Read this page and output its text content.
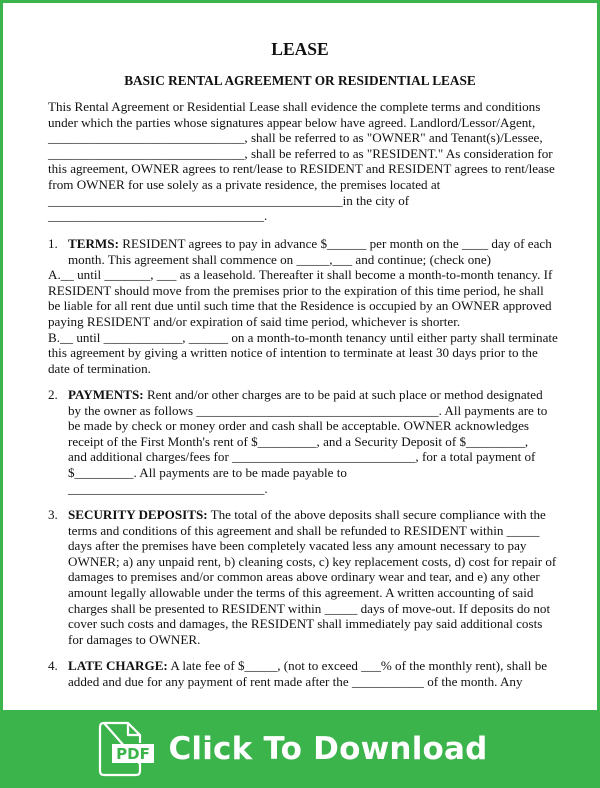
LEASE
BASIC RENTAL AGREEMENT OR RESIDENTIAL LEASE
This Rental Agreement or Residential Lease shall evidence the complete terms and conditions
under which the parties whose signatures appear below have agreed. Landlord/Lessor/Agent,
______________________________, shall be referred to as "OWNER" and Tenant(s)/Lessee,
______________________________, shall be referred to as "RESIDENT." As consideration for
this agreement, OWNER agrees to rent/lease to RESIDENT and RESIDENT agrees to rent/lease
from OWNER for use solely as a private residence, the premises located at
_____________________________________________in the city of
_________________________________.
1. TERMS: RESIDENT agrees to pay in advance $______ per month on the ____ day of each
month. This agreement shall commence on _____,___ and continue; (check one)
A.__ until _______, ___ as a leasehold. Thereafter it shall become a month-to-month tenancy. If
RESIDENT should move from the premises prior to the expiration of this time period, he shall
be liable for all rent due until such time that the Residence is occupied by an OWNER approved
paying RESIDENT and/or expiration of said time period, whichever is shorter.
B.__ until ____________, ______ on a month-to-month tenancy until either party shall terminate
this agreement by giving a written notice of intention to terminate at least 30 days prior to the
date of termination.
2. PAYMENTS: Rent and/or other charges are to be paid at such place or method designated
by the owner as follows _____________________________________. All payments are to
be made by check or money order and cash shall be acceptable. OWNER acknowledges
receipt of the First Month's rent of $_________, and a Security Deposit of $_________,
and additional charges/fees for ____________________________, for a total payment of
$_________. All payments are to be made payable to
______________________________.
3. SECURITY DEPOSITS: The total of the above deposits shall secure compliance with the
terms and conditions of this agreement and shall be refunded to RESIDENT within _____
days after the premises have been completely vacated less any amount necessary to pay
OWNER; a) any unpaid rent, b) cleaning costs, c) key replacement costs, d) cost for repair of
damages to premises and/or common areas above ordinary wear and tear, and e) any other
amount legally allowable under the terms of this agreement. A written accounting of said
charges shall be presented to RESIDENT within _____ days of move-out. If deposits do not
cover such costs and damages, the RESIDENT shall immediately pay said additional costs
for damages to OWNER.
4. LATE CHARGE: A late fee of $_____, (not to exceed ___% of the monthly rent), shall be
added and due for any payment of rent made after the ___________ of the month. Any
PDF Click To Download
